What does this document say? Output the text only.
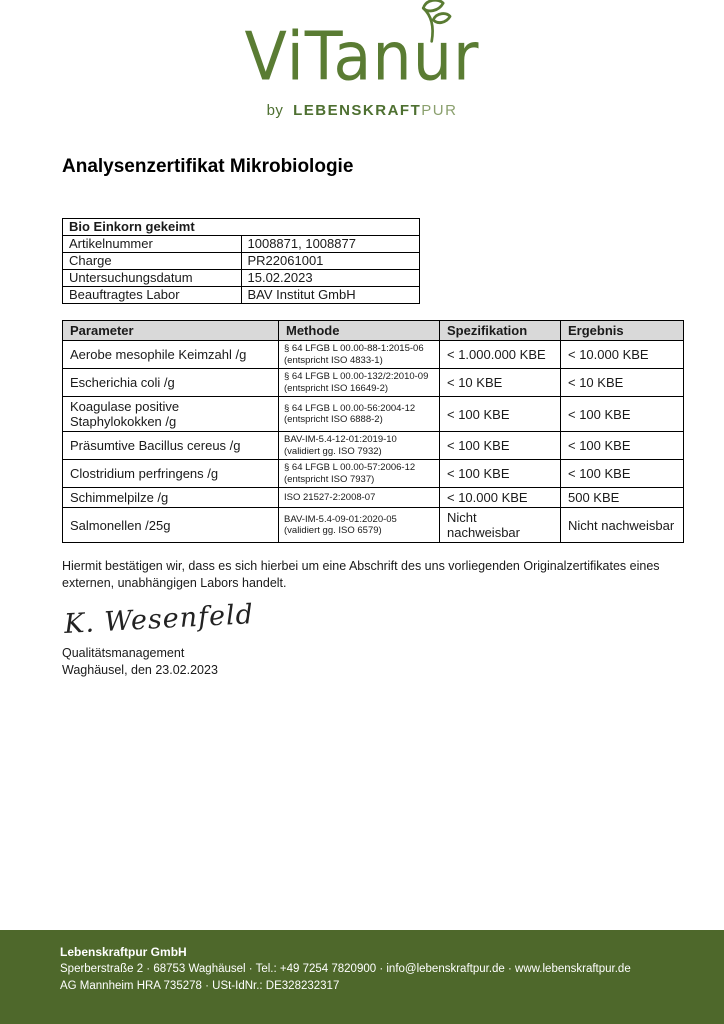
ViTanur
by LEBENSKRAFTPUR
Analysenzertifikat Mikrobiologie
Bio Einkorn gekeimt	
Artikelnummer	1008871, 1008877
Charge	PR22061001
Untersuchungsdatum	15.02.2023
Beauftragtes Labor	BAV Institut GmbH
Parameter	Methode	Spezifikation	Ergebnis
Aerobe mesophile Keimzahl /g	§ 64 LFGB L 00.00-88-1:2015-06
(entspricht ISO 4833-1)	< 1.000.000 KBE	< 10.000 KBE
Escherichia coli /g	§ 64 LFGB L 00.00-132/2:2010-09
(entspricht ISO 16649-2)	< 10 KBE	< 10 KBE
Koagulase positive Staphylokokken /g	§ 64 LFGB L 00.00-56:2004-12
(entspricht ISO 6888-2)	< 100 KBE	< 100 KBE
Präsumtive Bacillus cereus /g	BAV-IM-5.4-12-01:2019-10
(validiert gg. ISO 7932)	< 100 KBE	< 100 KBE
Clostridium perfringens /g	§ 64 LFGB L 00.00-57:2006-12
(entspricht ISO 7937)	< 100 KBE	< 100 KBE
Schimmelpilze /g	ISO 21527-2:2008-07	< 10.000 KBE	500 KBE
Salmonellen /25g	BAV-IM-5.4-09-01:2020-05
(validiert gg. ISO 6579)	Nicht nachweisbar	Nicht nachweisbar

Hiermit bestätigen wir, dass es sich hierbei um eine Abschrift des uns vorliegenden Originalzertifikates eines externen, unabhängigen Labors handelt.

K. Wesenfeld
Qualitätsmanagement
Waghäusel, den 23.02.2023
Lebenskraftpur GmbH
Sperberstraße 2 · 68753 Waghäusel · Tel.: +49 7254 7820900 · info@lebenskraftpur.de · www.lebenskraftpur.de
AG Mannheim HRA 735278 · USt-IdNr.: DE328232317
